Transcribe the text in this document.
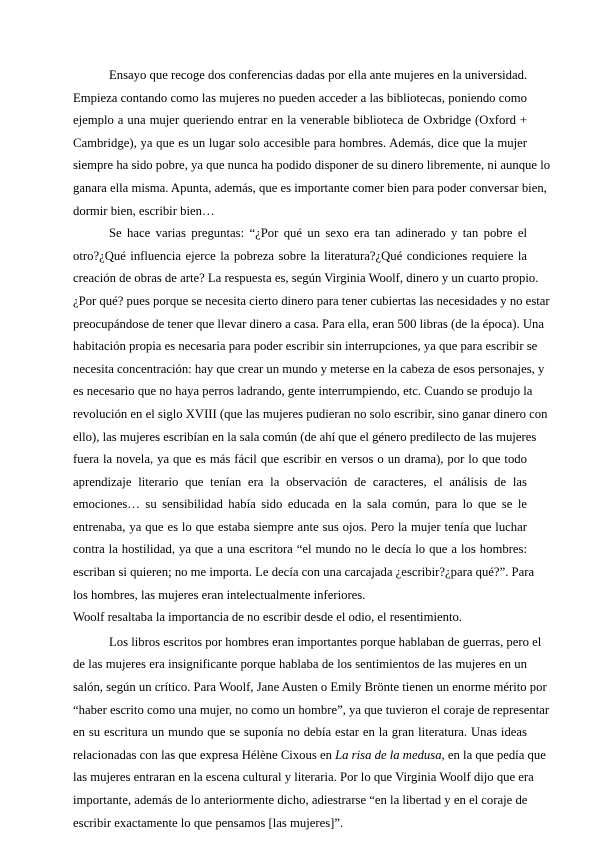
Ensayo que recoge dos conferencias dadas por ella ante mujeres en la universidad.
Empieza contando como las mujeres no pueden acceder a las bibliotecas, poniendo como
ejemplo a una mujer queriendo entrar en la venerable biblioteca de Oxbridge (Oxford +
Cambridge), ya que es un lugar solo accesible para hombres. Además, dice que la mujer
siempre ha sido pobre, ya que nunca ha podido disponer de su dinero libremente, ni aunque lo
ganara ella misma. Apunta, además, que es importante comer bien para poder conversar bien,
dormir bien, escribir bien…
Se hace varias preguntas: “¿Por qué un sexo era tan adinerado y tan pobre el
otro?¿Qué influencia ejerce la pobreza sobre la literatura?¿Qué condiciones requiere la
creación de obras de arte? La respuesta es, según Virginia Woolf, dinero y un cuarto propio.
¿Por qué? pues porque se necesita cierto dinero para tener cubiertas las necesidades y no estar
preocupándose de tener que llevar dinero a casa. Para ella, eran 500 libras (de la época). Una
habitación propia es necesaria para poder escribir sin interrupciones, ya que para escribir se
necesita concentración: hay que crear un mundo y meterse en la cabeza de esos personajes, y
es necesario que no haya perros ladrando, gente interrumpiendo, etc. Cuando se produjo la
revolución en el siglo XVIII (que las mujeres pudieran no solo escribir, sino ganar dinero con
ello), las mujeres escribían en la sala común (de ahí que el género predilecto de las mujeres
fuera la novela, ya que es más fácil que escribir en versos o un drama), por lo que todo
aprendizaje literario que tenían era la observación de caracteres, el análisis de las
emociones… su sensibilidad había sido educada en la sala común, para lo que se le
entrenaba, ya que es lo que estaba siempre ante sus ojos. Pero la mujer tenía que luchar
contra la hostilidad, ya que a una escritora “el mundo no le decía lo que a los hombres:
escriban si quieren; no me importa. Le decía con una carcajada ¿escribir?¿para qué?”. Para
los hombres, las mujeres eran intelectualmente inferiores.
Woolf resaltaba la importancia de no escribir desde el odio, el resentimiento.
Los libros escritos por hombres eran importantes porque hablaban de guerras, pero el
de las mujeres era insignificante porque hablaba de los sentimientos de las mujeres en un
salón, según un crítico. Para Woolf, Jane Austen o Emily Brönte tienen un enorme mérito por
“haber escrito como una mujer, no como un hombre”, ya que tuvieron el coraje de representar
en su escritura un mundo que se suponía no debía estar en la gran literatura. Unas ideas
relacionadas con las que expresa Hélène Cixous en La risa de la medusa, en la que pedía que
las mujeres entraran en la escena cultural y literaria. Por lo que Virginia Woolf dijo que era
importante, además de lo anteriormente dicho, adiestrarse “en la libertad y en el coraje de
escribir exactamente lo que pensamos [las mujeres]”.
